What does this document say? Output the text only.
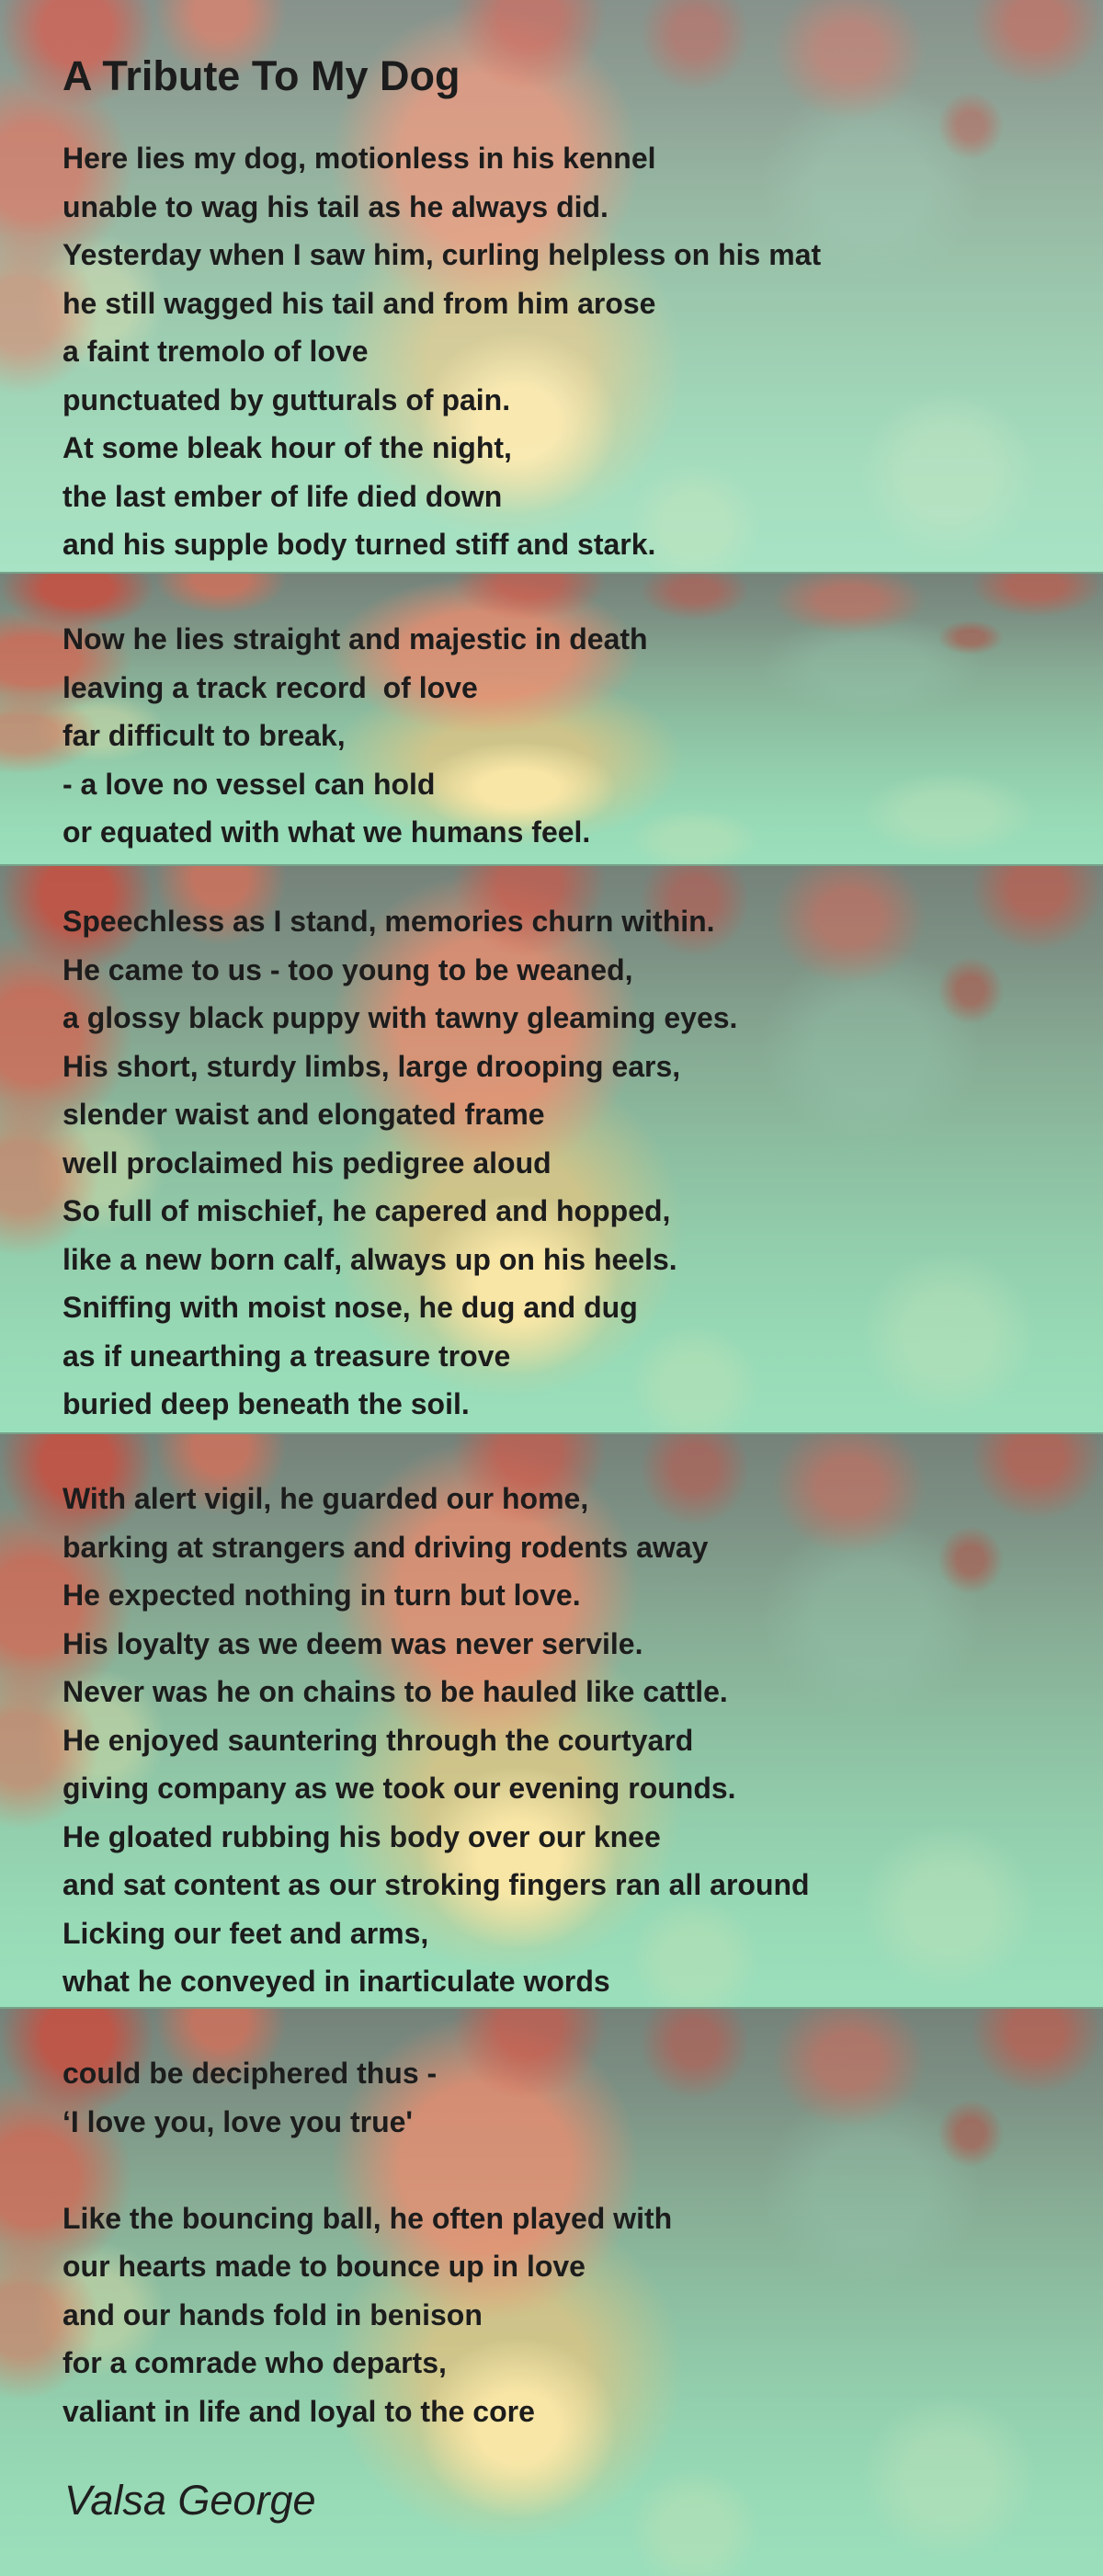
A Tribute To My Dog
Here lies my dog, motionless in his kennel
unable to wag his tail as he always did.
Yesterday when I saw him, curling helpless on his mat
he still wagged his tail and from him arose
a faint tremolo of love
punctuated by gutturals of pain.
At some bleak hour of the night,
the last ember of life died down
and his supple body turned stiff and stark.
Now he lies straight and majestic in death
leaving a track record  of love
far difficult to break,
- a love no vessel can hold
or equated with what we humans feel.
Speechless as I stand, memories churn within.
He came to us - too young to be weaned,
a glossy black puppy with tawny gleaming eyes.
His short, sturdy limbs, large drooping ears,
slender waist and elongated frame
well proclaimed his pedigree aloud
So full of mischief, he capered and hopped,
like a new born calf, always up on his heels.
Sniffing with moist nose, he dug and dug
as if unearthing a treasure trove
buried deep beneath the soil.
With alert vigil, he guarded our home,
barking at strangers and driving rodents away
He expected nothing in turn but love.
His loyalty as we deem was never servile.
Never was he on chains to be hauled like cattle.
He enjoyed sauntering through the courtyard
giving company as we took our evening rounds.
He gloated rubbing his body over our knee
and sat content as our stroking fingers ran all around
Licking our feet and arms,
what he conveyed in inarticulate words
could be deciphered thus -
‘I love you, love you true'

Like the bouncing ball, he often played with
our hearts made to bounce up in love
and our hands fold in benison
for a comrade who departs,
valiant in life and loyal to the core
Valsa George
